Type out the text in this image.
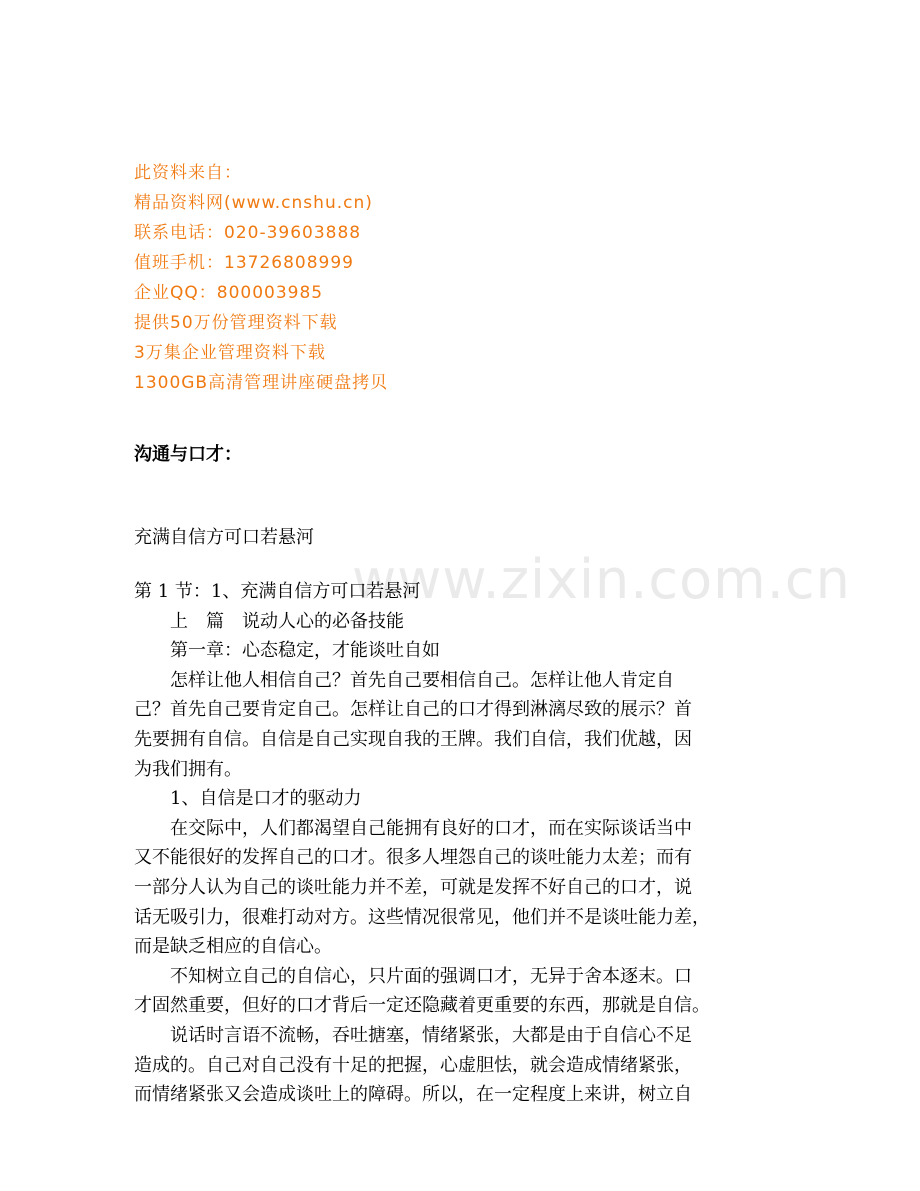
此资料来自：
精品资料网(www.cnshu.cn)
联系电话：020-39603888
值班手机：13726808999
企业QQ：800003985
提供50万份管理资料下载
3万集企业管理资料下载
1300GB高清管理讲座硬盘拷贝
沟通与口才：
充满自信方可口若悬河
www.zixin.com.cn
第 1 节：1、充满自信方可口若悬河
　　上　篇　说动人心的必备技能
　　第一章：心态稳定，才能谈吐自如
　　怎样让他人相信自己？首先自己要相信自己。怎样让他人肯定自
己？首先自己要肯定自己。怎样让自己的口才得到淋漓尽致的展示？首
先要拥有自信。自信是自己实现自我的王牌。我们自信，我们优越，因
为我们拥有。
　　1、自信是口才的驱动力
　　在交际中，人们都渴望自己能拥有良好的口才，而在实际谈话当中
又不能很好的发挥自己的口才。很多人埋怨自己的谈吐能力太差；而有
一部分人认为自己的谈吐能力并不差，可就是发挥不好自己的口才，说
话无吸引力，很难打动对方。这些情况很常见，他们并不是谈吐能力差，
而是缺乏相应的自信心。
　　不知树立自己的自信心，只片面的强调口才，无异于舍本逐末。口
才固然重要，但好的口才背后一定还隐藏着更重要的东西，那就是自信。
　　说话时言语不流畅，吞吐搪塞，情绪紧张，大都是由于自信心不足
造成的。自己对自己没有十足的把握，心虚胆怯，就会造成情绪紧张，
而情绪紧张又会造成谈吐上的障碍。所以，在一定程度上来讲，树立自
